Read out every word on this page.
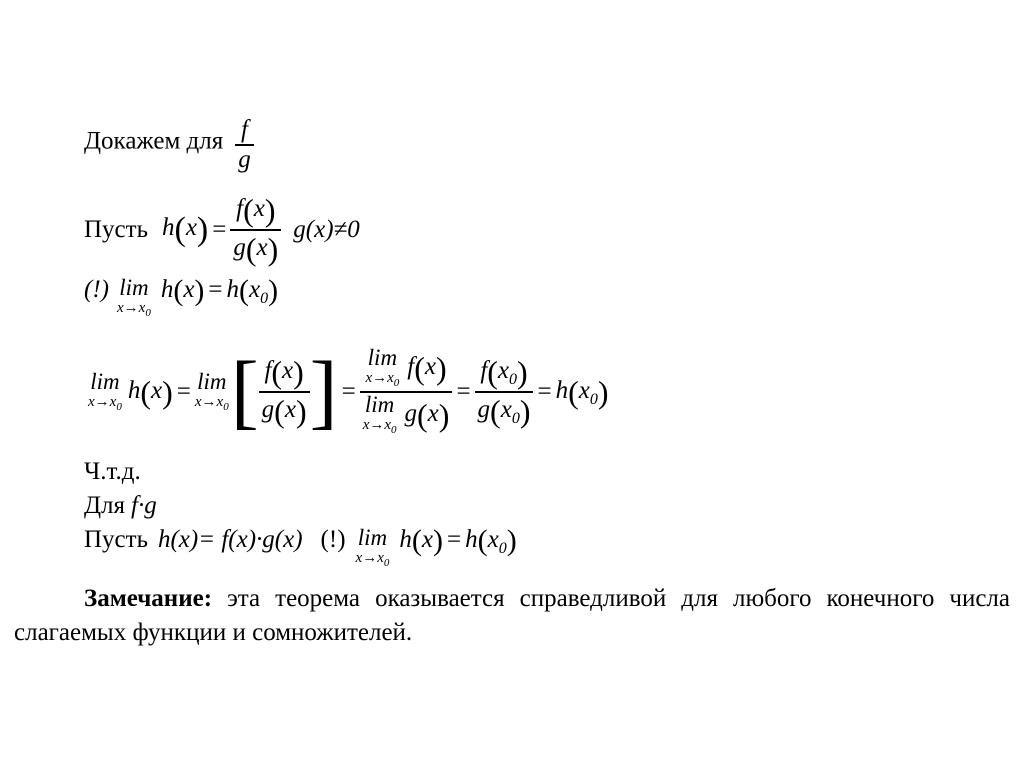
Докажем для $\frac{f}{g}$
Пусть $h(x) = \frac{f(x)}{g(x)} g(x)\ne 0$
(!) lim
$x\to x_0$
$h(x) = h(x_0)$
lim
$x\to x_0$
h(x) = lim
$x\to x_0$ [ $\frac{f(x)}{g(x)}$ ] = lim
$x\to x_0$
f(x)
lim
$x\to x_0$
$g(x) = \frac{f(x_0)}{g(x_0)} = h(x_0)$
Ч.т.д.
Для f·g
Пусть h(x)= f(x)·g(x) (!) lim
$x\to x_0$
$h(x) = h(x_0)$
Замечание: эта теорема оказывается справедливой для любого конечного числа слагаемых функции и сомножителей.
